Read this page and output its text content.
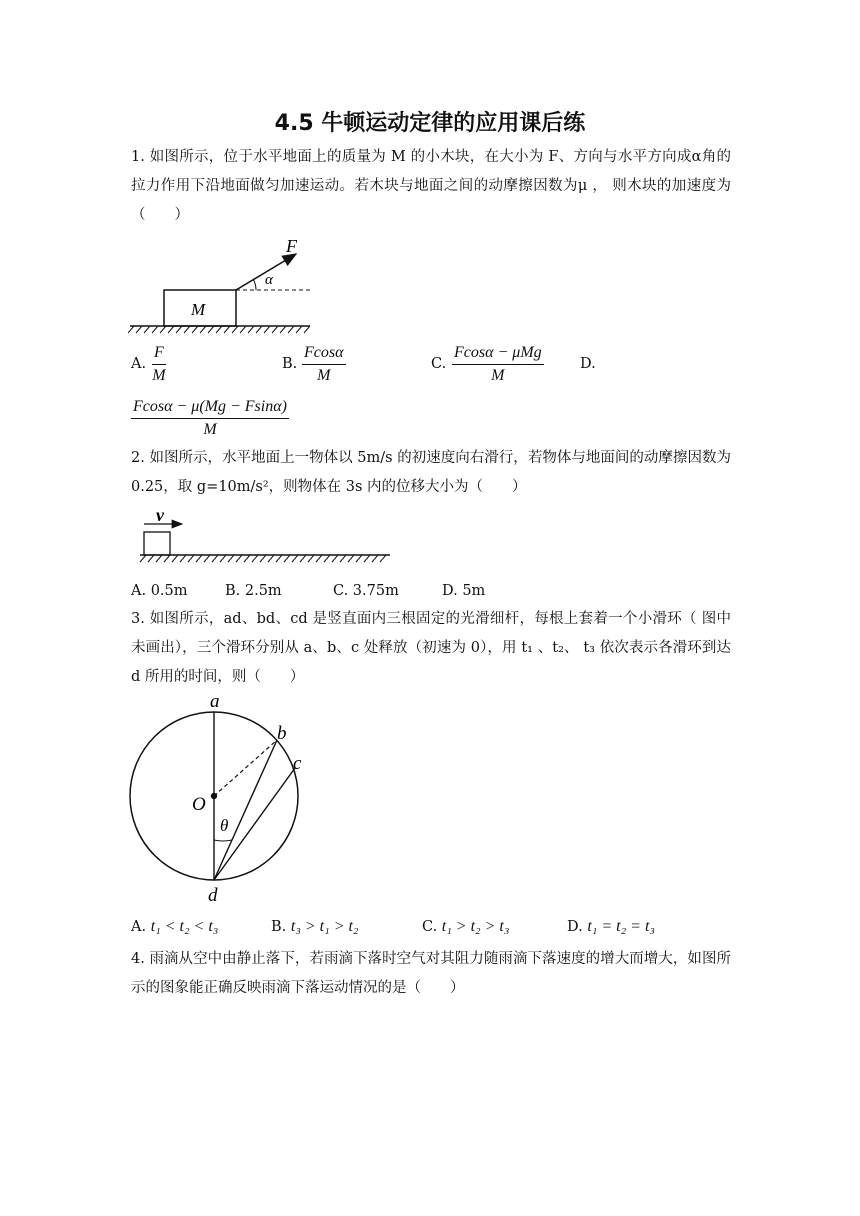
4.5 牛顿运动定律的应用课后练
1. 如图所示，位于水平地面上的质量为 M 的小木块，在大小为 F、方向与水平方向成α角的拉力作用下沿地面做匀加速运动。若木块与地面之间的动摩擦因数为μ ， 则木块的加速度为（　　）
M
α
F
A. $\frac{F}{M}$	B. $\frac{Fcos\alpha}{M}$	C.
Fcosα − μMg
M
D.
$\frac{Fcos\alpha - \mu(Mg - Fsin\alpha)}{M}$
2. 如图所示，水平地面上一物体以 5m/s 的初速度向右滑行，若物体与地面间的动摩擦因数为 0.25，取 g=10m/s²，则物体在 3s 内的位移大小为（　　）
v
A. 0.5m	B. 2.5m	C. 3.75m	D. 5m
3. 如图所示，ad、bd、cd 是竖直面内三根固定的光滑细杆，每根上套着一个小滑环（ 图中未画出），三个滑环分别从 a、b、c 处释放（初速为 0），用 t₁ 、t₂、 t₃ 依次表示各滑环到达 d 所用的时间，则（　　）
a
b
c
O
θ
d
A. t₁ < t₂ < t₃	B. t₃ > t₁ > t₂	C. t₁ > t₂ > t₃	D. t₁ = t₂ = t₃
4. 雨滴从空中由静止落下，若雨滴下落时空气对其阻力随雨滴下落速度的增大而增大，如图所示的图象能正确反映雨滴下落运动情况的是（　　）
